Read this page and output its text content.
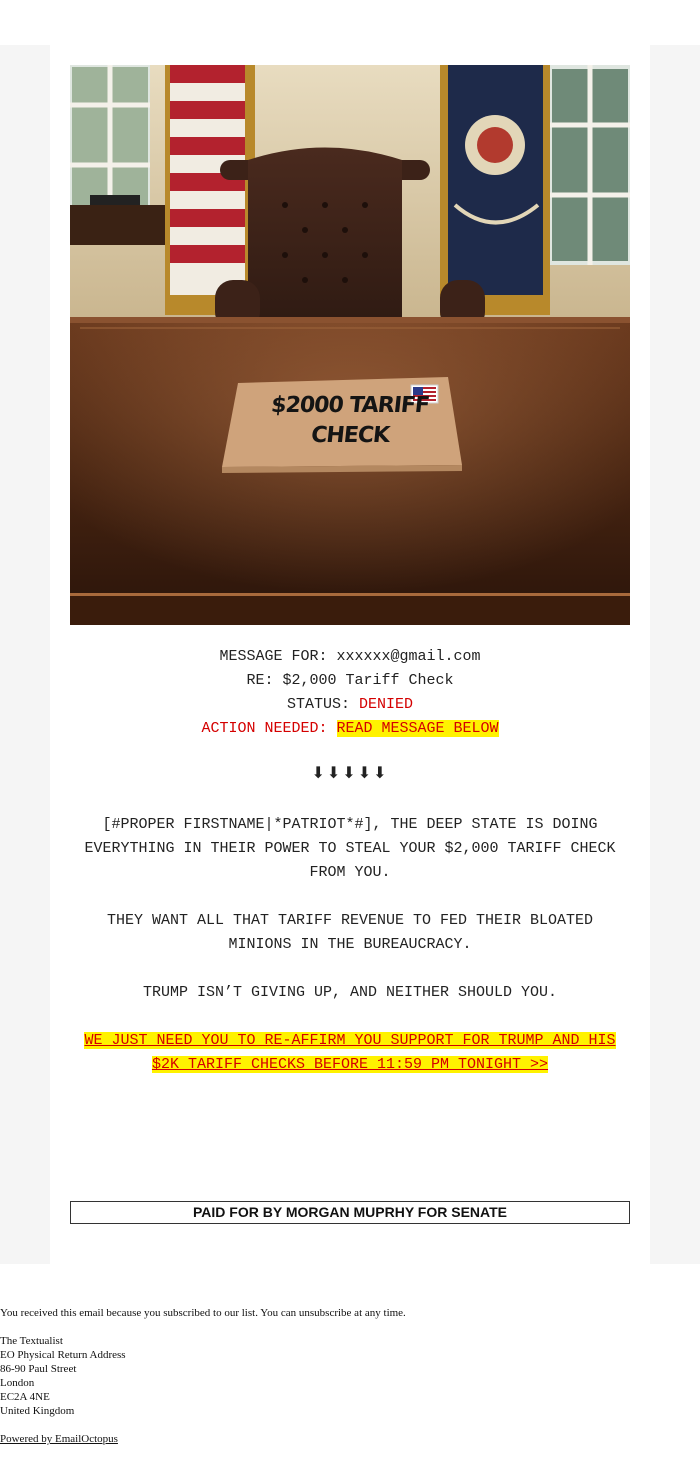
$2000 TARIFF
CHECK
MESSAGE FOR: xxxxxx@gmail.com
RE: $2,000 Tariff Check
STATUS: DENIED
ACTION NEEDED: READ MESSAGE BELOW
⬇⬇⬇⬇⬇
[#PROPER FIRSTNAME|*PATRIOT*#], THE DEEP STATE IS DOING EVERYTHING IN THEIR POWER TO STEAL YOUR $2,000 TARIFF CHECK FROM YOU.
THEY WANT ALL THAT TARIFF REVENUE TO FED THEIR BLOATED MINIONS IN THE BUREAUCRACY.
TRUMP ISN’T GIVING UP, AND NEITHER SHOULD YOU.
WE JUST NEED YOU TO RE-AFFIRM YOU SUPPORT FOR TRUMP AND HIS $2K TARIFF CHECKS BEFORE 11:59 PM TONIGHT >>
PAID FOR BY MORGAN MUPRHY FOR SENATE
You received this email because you subscribed to our list. You can unsubscribe at any time.
The Textualist
EO Physical Return Address
86-90 Paul Street
London
EC2A 4NE
United Kingdom
Powered by EmailOctopus
